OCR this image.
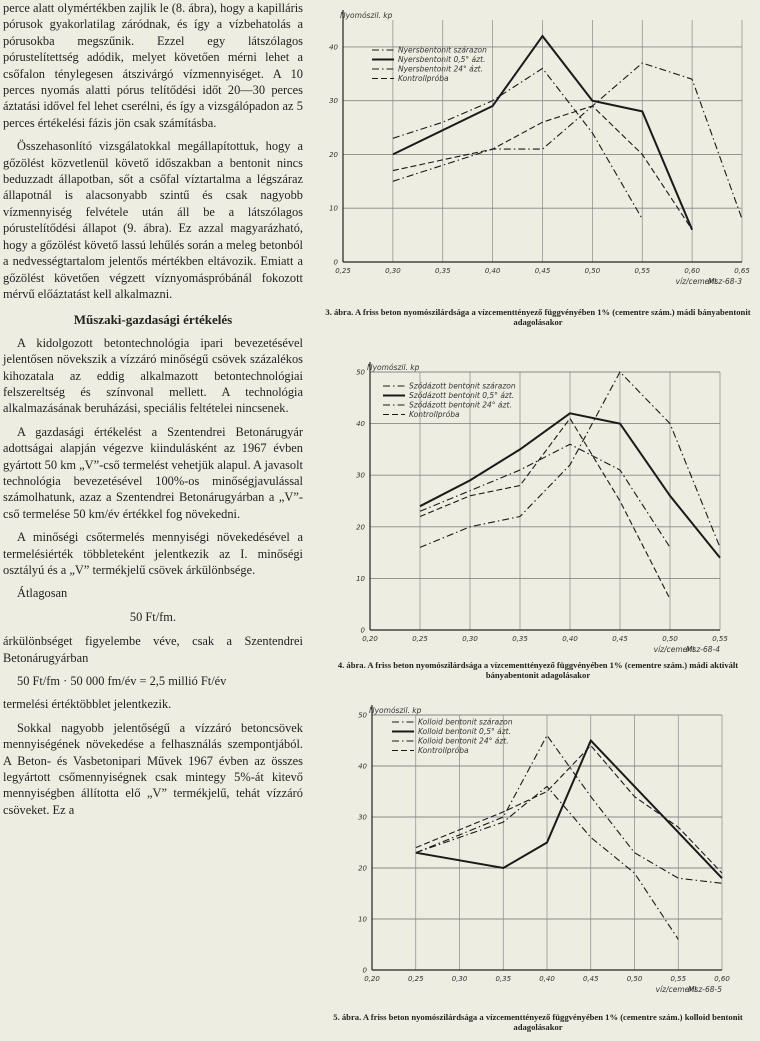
perce alatt olymértékben zajlik le (8. ábra), hogy a kapilláris pórusok gyakorlatilag záródnak, és így a vízbehatolás a pórusokba megszűnik. Ezzel egy látszólagos pórustelítettség adódik, melyet követően mérni lehet a csőfalon ténylegesen átszivárgó vízmennyiséget. A 10 perces nyomás alatti pórus telítődési időt 20—30 perces áztatási idővel fel lehet cserélni, és így a vizsgálópadon az 5 perces értékelési fázis jön csak számításba.

Összehasonlító vizsgálatokkal megállapítottuk, hogy a gőzölést közvetlenül követő időszakban a bentonit nincs beduzzadt állapotban, sőt a csőfal víztartalma a légszáraz állapotnál is alacsonyabb szintű és csak nagyobb vízmennyiség felvétele után áll be a látszólagos pórustelítődési állapot (9. ábra). Ez azzal magyarázható, hogy a gőzölést követő lassú lehűlés során a meleg betonból a nedvességtartalom jelentős mértékben eltávozik. Emiatt a gőzölést követően végzett víznyomáspróbánál fokozott mérvű előáztatást kell alkalmazni.

Műszaki-gazdasági értékelés

A kidolgozott betontechnológia ipari bevezetésével jelentősen növekszik a vízzáró minőségű csövek százalékos kihozatala az eddig alkalmazott betontechnológiai felszereltség és színvonal mellett. A technológia alkalmazásának beruházási, speciális feltételei nincsenek.

A gazdasági értékelést a Szentendrei Betonárugyár adottságai alapján végezve kiindulásként az 1967 évben gyártott 50 km „V”-cső termelést vehetjük alapul. A javasolt technológia bevezetésével 100%-os minőségjavulással számolhatunk, azaz a Szentendrei Betonárugyárban a „V”-cső termelése 50 km/év értékkel fog növekedni.

A minőségi csőtermelés mennyiségi növekedésével a termelésiérték többleteként jelentkezik az I. minőségi osztályú és a „V” termékjelű csövek árkülönbsége.

Átlagosan

50 Ft/fm.

árkülönbséget figyelembe véve, csak a Szentendrei Betonárugyárban

50 Ft/fm · 50 000 fm/év = 2,5 millió Ft/év

termelési értéktöbblet jelentkezik.

Sokkal nagyobb jelentőségű a vízzáró betoncsövek mennyiségének növekedése a felhasználás szempontjából. A Beton- és Vasbetonipari Művek 1967 évben az összes legyártott csőmennyiségnek csak mintegy 5%-át kitevő mennyiségben állította elő „V” termékjelű, tehát vízzáró csöveket. Ez a

0,25	0,30	0,35	0,40	0,45	0,50	0,55	0,60	0,65
0
10
20
30
40
Nyomószil. kp
víz/cement
Msz-68-3
Nyersbentonit szárazon
Nyersbentonit 0,5° ázt.
Nyersbentonit 24° ázt.
Kontrollpróba
0,20	0,25	0,30	0,35	0,40	0,45	0,50	0,55
0
10
20
30
40
50
Nyomószil. kp
víz/cement
Msz-68-4
Szódázott bentonit szárazon
Szódázott bentonit 0,5° ázt.
Szódázott bentonit 24° ázt.
Kontrollpróba
0,20	0,25	0,30	0,35	0,40	0,45	0,50	0,55	0,60
0
10
20
30
40
50
Nyomószil. kp
víz/cement
Msz-68-5
Kolloid bentonit szárazon
Kolloid bentonit 0,5° ázt.
Kolloid bentonit 24° ázt.
Kontrollpróba
3. ábra. A friss beton nyomószilárdsága a vízcementtényező függvényében 1% (cementre szám.) mádi bányabentonit adagolásakor
4. ábra. A friss beton nyomószilárdsága a vízcementtényező függvényében 1% (cementre szám.) mádi aktivált bányabentonit adagolásakor
5. ábra. A friss beton nyomószilárdsága a vízcementtényező függvényében 1% (cementre szám.) kolloid bentonit adagolásakor
